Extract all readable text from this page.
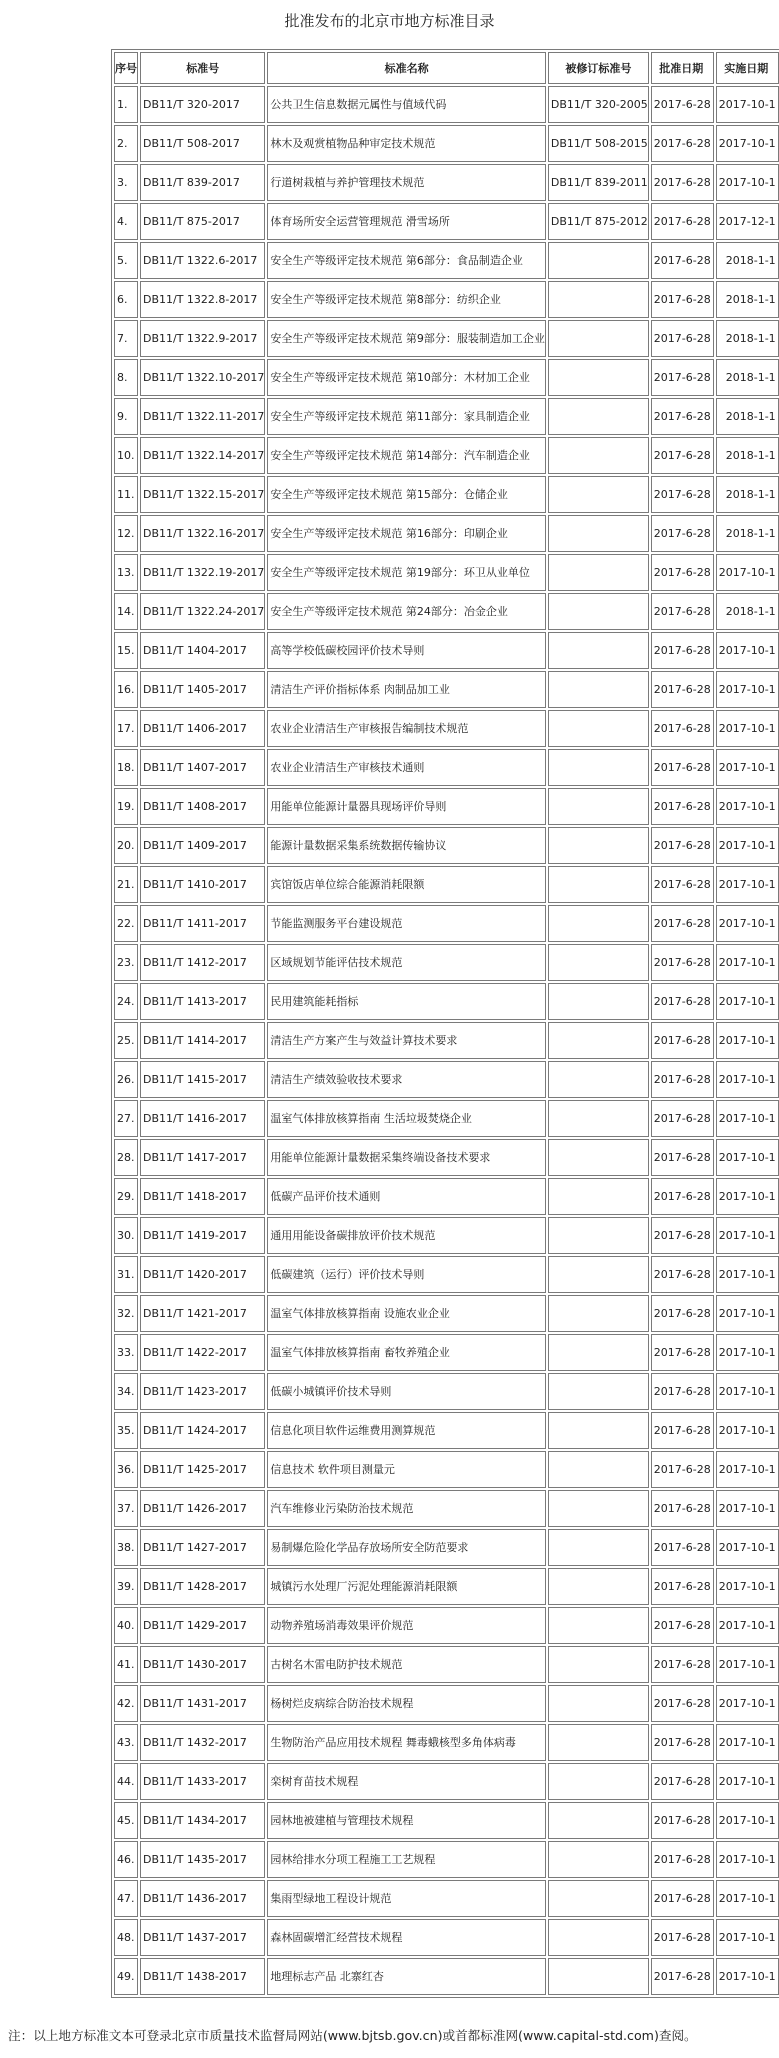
批准发布的北京市地方标准目录
序号	标准号	标准名称	被修订标准号	批准日期	实施日期
1.	DB11/T 320-2017	公共卫生信息数据元属性与值域代码	DB11/T 320-2005	2017-6-28	2017-10-1
2.	DB11/T 508-2017	林木及观赏植物品种审定技术规范	DB11/T 508-2015	2017-6-28	2017-10-1
3.	DB11/T 839-2017	行道树栽植与养护管理技术规范	DB11/T 839-2011	2017-6-28	2017-10-1
4.	DB11/T 875-2017	体育场所安全运营管理规范 滑雪场所	DB11/T 875-2012	2017-6-28	2017-12-1
5.	DB11/T 1322.6-2017	安全生产等级评定技术规范 第6部分：食品制造企业		2017-6-28	2018-1-1
6.	DB11/T 1322.8-2017	安全生产等级评定技术规范 第8部分：纺织企业		2017-6-28	2018-1-1
7.	DB11/T 1322.9-2017	安全生产等级评定技术规范 第9部分：服装制造加工企业		2017-6-28	2018-1-1
8.	DB11/T 1322.10-2017	安全生产等级评定技术规范 第10部分：木材加工企业		2017-6-28	2018-1-1
9.	DB11/T 1322.11-2017	安全生产等级评定技术规范 第11部分：家具制造企业		2017-6-28	2018-1-1
10.	DB11/T 1322.14-2017	安全生产等级评定技术规范 第14部分：汽车制造企业		2017-6-28	2018-1-1
11.	DB11/T 1322.15-2017	安全生产等级评定技术规范 第15部分：仓储企业		2017-6-28	2018-1-1
12.	DB11/T 1322.16-2017	安全生产等级评定技术规范 第16部分：印刷企业		2017-6-28	2018-1-1
13.	DB11/T 1322.19-2017	安全生产等级评定技术规范 第19部分：环卫从业单位		2017-6-28	2017-10-1
14.	DB11/T 1322.24-2017	安全生产等级评定技术规范 第24部分：冶金企业		2017-6-28	2018-1-1
15.	DB11/T 1404-2017	高等学校低碳校园评价技术导则		2017-6-28	2017-10-1
16.	DB11/T 1405-2017	清洁生产评价指标体系 肉制品加工业		2017-6-28	2017-10-1
17.	DB11/T 1406-2017	农业企业清洁生产审核报告编制技术规范		2017-6-28	2017-10-1
18.	DB11/T 1407-2017	农业企业清洁生产审核技术通则		2017-6-28	2017-10-1
19.	DB11/T 1408-2017	用能单位能源计量器具现场评价导则		2017-6-28	2017-10-1
20.	DB11/T 1409-2017	能源计量数据采集系统数据传输协议		2017-6-28	2017-10-1
21.	DB11/T 1410-2017	宾馆饭店单位综合能源消耗限额		2017-6-28	2017-10-1
22.	DB11/T 1411-2017	节能监测服务平台建设规范		2017-6-28	2017-10-1
23.	DB11/T 1412-2017	区域规划节能评估技术规范		2017-6-28	2017-10-1
24.	DB11/T 1413-2017	民用建筑能耗指标		2017-6-28	2017-10-1
25.	DB11/T 1414-2017	清洁生产方案产生与效益计算技术要求		2017-6-28	2017-10-1
26.	DB11/T 1415-2017	清洁生产绩效验收技术要求		2017-6-28	2017-10-1
27.	DB11/T 1416-2017	温室气体排放核算指南 生活垃圾焚烧企业		2017-6-28	2017-10-1
28.	DB11/T 1417-2017	用能单位能源计量数据采集终端设备技术要求		2017-6-28	2017-10-1
29.	DB11/T 1418-2017	低碳产品评价技术通则		2017-6-28	2017-10-1
30.	DB11/T 1419-2017	通用用能设备碳排放评价技术规范		2017-6-28	2017-10-1
31.	DB11/T 1420-2017	低碳建筑（运行）评价技术导则		2017-6-28	2017-10-1
32.	DB11/T 1421-2017	温室气体排放核算指南 设施农业企业		2017-6-28	2017-10-1
33.	DB11/T 1422-2017	温室气体排放核算指南 畜牧养殖企业		2017-6-28	2017-10-1
34.	DB11/T 1423-2017	低碳小城镇评价技术导则		2017-6-28	2017-10-1
35.	DB11/T 1424-2017	信息化项目软件运维费用测算规范		2017-6-28	2017-10-1
36.	DB11/T 1425-2017	信息技术 软件项目测量元		2017-6-28	2017-10-1
37.	DB11/T 1426-2017	汽车维修业污染防治技术规范		2017-6-28	2017-10-1
38.	DB11/T 1427-2017	易制爆危险化学品存放场所安全防范要求		2017-6-28	2017-10-1
39.	DB11/T 1428-2017	城镇污水处理厂污泥处理能源消耗限额		2017-6-28	2017-10-1
40.	DB11/T 1429-2017	动物养殖场消毒效果评价规范		2017-6-28	2017-10-1
41.	DB11/T 1430-2017	古树名木雷电防护技术规范		2017-6-28	2017-10-1
42.	DB11/T 1431-2017	杨树烂皮病综合防治技术规程		2017-6-28	2017-10-1
43.	DB11/T 1432-2017	生物防治产品应用技术规程 舞毒蛾核型多角体病毒		2017-6-28	2017-10-1
44.	DB11/T 1433-2017	栾树育苗技术规程		2017-6-28	2017-10-1
45.	DB11/T 1434-2017	园林地被建植与管理技术规程		2017-6-28	2017-10-1
46.	DB11/T 1435-2017	园林给排水分项工程施工工艺规程		2017-6-28	2017-10-1
47.	DB11/T 1436-2017	集雨型绿地工程设计规范		2017-6-28	2017-10-1
48.	DB11/T 1437-2017	森林固碳增汇经营技术规程		2017-6-28	2017-10-1
49.	DB11/T 1438-2017	地理标志产品 北寨红杏		2017-6-28	2017-10-1
注：以上地方标准文本可登录北京市质量技术监督局网站(www.bjtsb.gov.cn)或首都标准网(www.capital-std.com)查阅。
